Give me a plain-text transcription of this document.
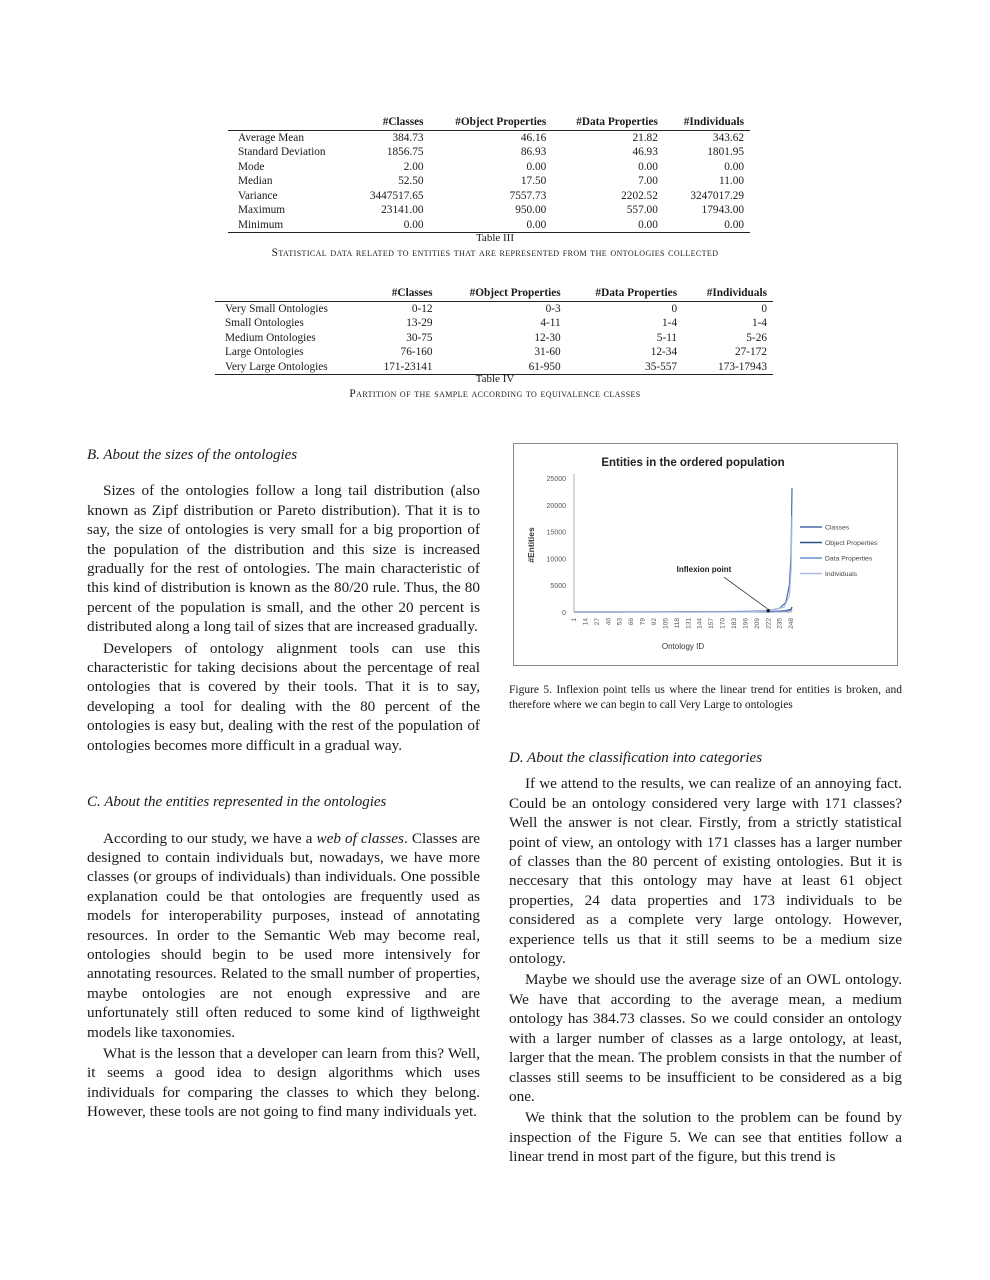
	#Classes	#Object Properties	#Data Properties	#Individuals
Average Mean	384.73	46.16	21.82	343.62
Standard Deviation	1856.75	86.93	46.93	1801.95
Mode	2.00	0.00	0.00	0.00
Median	52.50	17.50	7.00	11.00
Variance	3447517.65	7557.73	2202.52	3247017.29
Maximum	23141.00	950.00	557.00	17943.00
Minimum	0.00	0.00	0.00	0.00
Table III
Statistical data related to entities that are represented from the ontologies collected
	#Classes	#Object Properties	#Data Properties	#Individuals
Very Small Ontologies	0-12	0-3	0	0
Small Ontologies	13-29	4-11	1-4	1-4
Medium Ontologies	30-75	12-30	5-11	5-26
Large Ontologies	76-160	31-60	12-34	27-172
Very Large Ontologies	171-23141	61-950	35-557	173-17943
Table IV
Partition of the sample according to equivalence classes
B. About the sizes of the ontologies

Sizes of the ontologies follow a long tail distribution (also known as Zipf distribution or Pareto distribution). That it is to say, the size of ontologies is very small for a big proportion of the population of the distribution and this size is increased gradually for the rest of ontologies. The main characteristic of this kind of distribution is known as the 80/20 rule. Thus, the 80 percent of the population is small, and the other 20 percent is distributed along a long tail of sizes that are increased gradually.

Developers of ontology alignment tools can use this characteristic for taking decisions about the percentage of real ontologies that is covered by their tools. That it is to say, developing a tool for dealing with the 80 percent of the ontologies is easy but, dealing with the rest of the population of ontologies becomes more difficult in a gradual way.

C. About the entities represented in the ontologies

According to our study, we have a web of classes. Classes are designed to contain individuals but, nowadays, we have more classes (or groups of individuals) than individuals. One possible explanation could be that ontologies are frequently used as models for interoperability purposes, instead of annotating resources. In order to the Semantic Web may become real, ontologies should begin to be used more intensively for annotating resources. Related to the small number of properties, maybe ontologies are not enough expressive and are unfortunately still often reduced to some kind of ligthweight models like taxonomies.

What is the lesson that a developer can learn from this? Well, it seems a good idea to design algorithms which uses individuals for comparing the classes to which they belong. However, these tools are not going to find many individuals yet.

Entities in the ordered population
0
5000
10000
15000
20000
25000
#Entities
1 14 27 40 53 66 79 92 105 118 131 144 157 170 183 196 209 222 235 248
Ontology ID
Inflexion point
Classes
Object Properties
Data Properties
Individuals
Figure 5. Inflexion point tells us where the linear trend for entities is broken, and therefore where we can begin to call Very Large to ontologies
D. About the classification into categories

If we attend to the results, we can realize of an annoying fact. Could be an ontology considered very large with 171 classes? Well the answer is not clear. Firstly, from a strictly statistical point of view, an ontology with 171 classes has a larger number of classes than the 80 percent of existing ontologies. But it is neccesary that this ontology may have at least 61 object properties, 24 data properties and 173 individuals to be considered as a complete very large ontology. However, experience tells us that it still seems to be a medium size ontology.

Maybe we should use the average size of an OWL ontology. We have that according to the average mean, a medium ontology has 384.73 classes. So we could consider an ontology with a larger number of classes as a large ontology, at least, larger that the mean. The problem consists in that the number of classes still seems to be insufficient to be considered as a big one.

We think that the solution to the problem can be found by inspection of the Figure 5. We can see that entities follow a linear trend in most part of the figure, but this trend is
